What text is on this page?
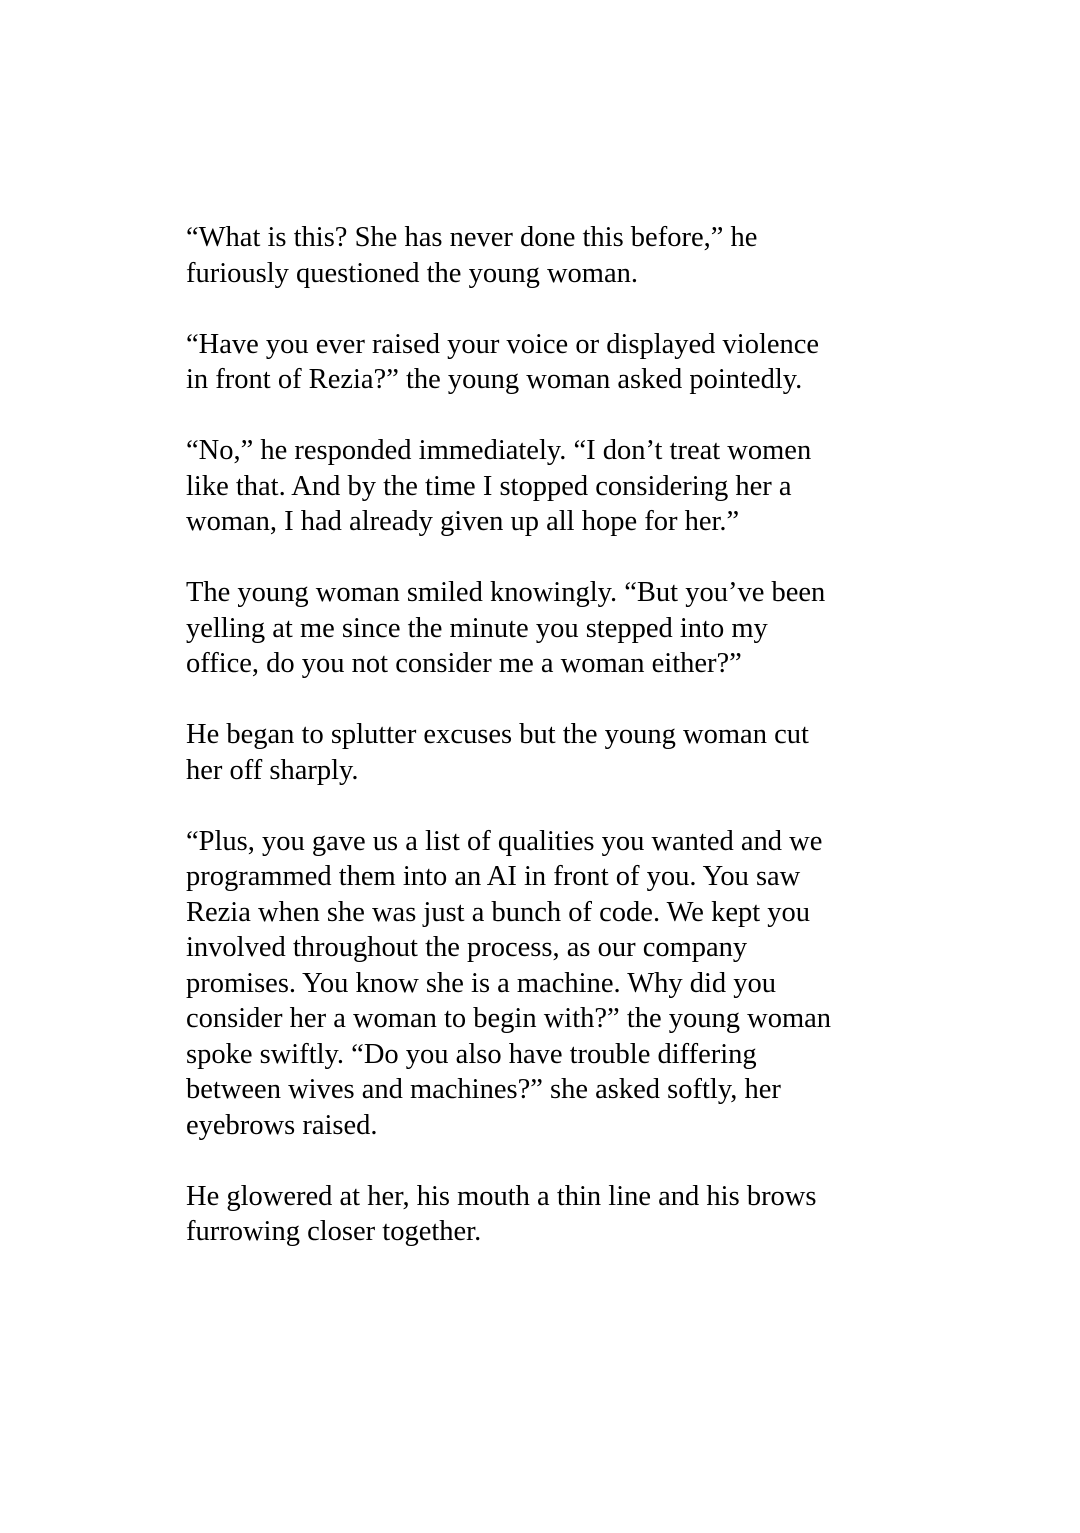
“What is this? She has never done this before,” he
furiously questioned the young woman.

“Have you ever raised your voice or displayed violence
in front of Rezia?” the young woman asked pointedly.

“No,” he responded immediately. “I don’t treat women
like that. And by the time I stopped considering her a
woman, I had already given up all hope for her.”

The young woman smiled knowingly. “But you’ve been
yelling at me since the minute you stepped into my
office, do you not consider me a woman either?”

He began to splutter excuses but the young woman cut
her off sharply.

“Plus, you gave us a list of qualities you wanted and we
programmed them into an AI in front of you. You saw
Rezia when she was just a bunch of code. We kept you
involved throughout the process, as our company
promises. You know she is a machine. Why did you
consider her a woman to begin with?” the young woman
spoke swiftly. “Do you also have trouble differing
between wives and machines?” she asked softly, her
eyebrows raised.

He glowered at her, his mouth a thin line and his brows
furrowing closer together.
